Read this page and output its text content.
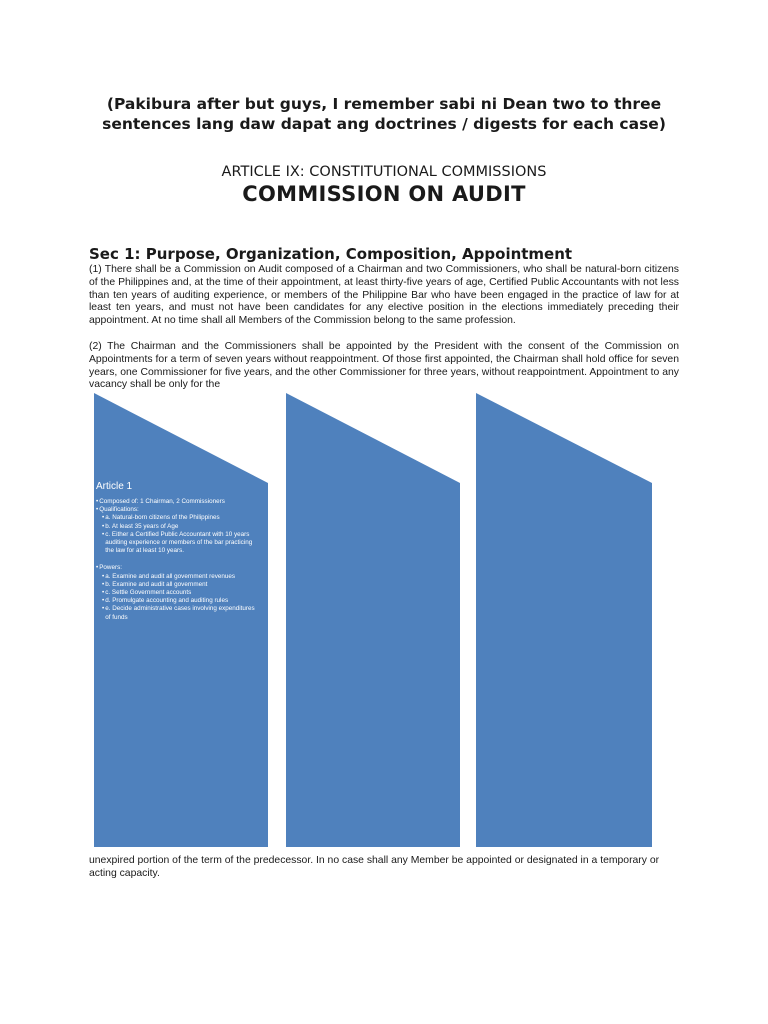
(Pakibura after but guys, I remember sabi ni Dean two to three sentences lang daw dapat ang doctrines / digests for each case)
ARTICLE IX: CONSTITUTIONAL COMMISSIONS
COMMISSION ON AUDIT
Sec 1: Purpose, Organization, Composition, Appointment
(1) There shall be a Commission on Audit composed of a Chairman and two Commissioners, who shall be natural-born citizens of the Philippines and, at the time of their appointment, at least thirty-five years of age, Certified Public Accountants with not less than ten years of auditing experience, or members of the Philippine Bar who have been engaged in the practice of law for at least ten years, and must not have been candidates for any elective position in the elections immediately preceding their appointment. At no time shall all Members of the Commission belong to the same profession.
(2) The Chairman and the Commissioners shall be appointed by the President with the consent of the Commission on Appointments for a term of seven years without reappointment. Of those first appointed, the Chairman shall hold office for seven years, one Commissioner for five years, and the other Commissioner for three years, without reappointment. Appointment to any vacancy shall be only for the
Article 1
• Composed of: 1 Chairman, 2 Commissioners
• Qualifications:
• a. Natural-born citizens of the Philippines
• b. At least 35 years of Age
• c. Either a Certified Public Accountant with 10 years auditing experience or members of the bar practicing the law for at least 10 years.
• Powers:
• a. Examine and audit all government revenues
• b. Examine and audit all government
• c. Settle Government accounts
• d. Promulgate accounting and auditing rules
• e. Decide administrative cases involving expenditures of funds
unexpired portion of the term of the predecessor. In no case shall any Member be appointed or designated in a temporary or acting capacity.
